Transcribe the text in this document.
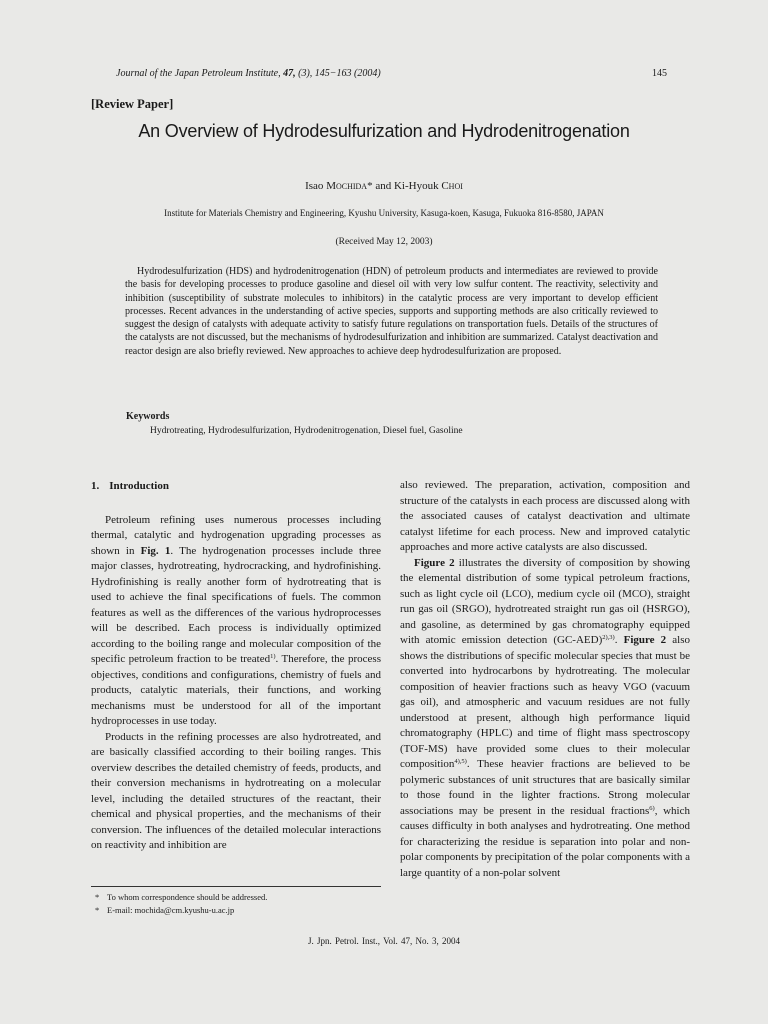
Journal of the Japan Petroleum Institute, 47, (3), 145−163 (2004)	145
[Review Paper]
An Overview of Hydrodesulfurization and Hydrodenitrogenation
Isao Mochida* and Ki-Hyouk Choi
Institute for Materials Chemistry and Engineering, Kyushu University, Kasuga-koen, Kasuga, Fukuoka 816-8580, JAPAN
(Received May 12, 2003)

Hydrodesulfurization (HDS) and hydrodenitrogenation (HDN) of petroleum products and intermediates are reviewed to provide the basis for developing processes to produce gasoline and diesel oil with very low sulfur content. The reactivity, selectivity and inhibition (susceptibility of substrate molecules to inhibitors) in the catalytic process are very important to develop efficient processes. Recent advances in the understanding of active species, supports and supporting methods are also critically reviewed to suggest the design of catalysts with adequate activity to satisfy future regulations on transportation fuels. Details of the structures of the catalysts are not discussed, but the mechanisms of hydrodesulfurization and inhibition are summarized. Catalyst deactivation and reactor design are also briefly reviewed. New approaches to achieve deep hydrodesulfurization are proposed.

Keywords
Hydrotreating, Hydrodesulfurization, Hydrodenitrogenation, Diesel fuel, Gasoline
1. Introduction

Petroleum refining uses numerous processes including thermal, catalytic and hydrogenation upgrading processes as shown in Fig. 1. The hydrogenation processes include three major classes, hydrotreating, hydrocracking, and hydrofinishing. Hydrofinishing is really another form of hydrotreating that is used to achieve the final specifications of fuels. The common features as well as the differences of the various hydroprocesses will be described. Each process is individually optimized according to the boiling range and molecular composition of the specific petroleum fraction to be treated$^{1)}$. Therefore, the process objectives, conditions and configurations, chemistry of fuels and products, catalytic materials, their functions, and working mechanisms must be understood for all of the important hydroprocesses in use today.

Products in the refining processes are also hydrotreated, and are basically classified according to their boiling ranges. This overview describes the detailed chemistry of feeds, products, and their conversion mechanisms in hydrotreating on a molecular level, including the detailed structures of the reactant, their chemical and physical properties, and the mechanisms of their conversion. The influences of the detailed molecular interactions on reactivity and inhibition are

also reviewed. The preparation, activation, composition and structure of the catalysts in each process are discussed along with the associated causes of catalyst deactivation and ultimate catalyst lifetime for each process. New and improved catalytic approaches and more active catalysts are also discussed.

Figure 2 illustrates the diversity of composition by showing the elemental distribution of some typical petroleum fractions, such as light cycle oil (LCO), medium cycle oil (MCO), straight run gas oil (SRGO), hydrotreated straight run gas oil (HSRGO), and gasoline, as determined by gas chromatography equipped with atomic emission detection $(GC-AED)^{2),3)}$. Figure 2 also shows the distributions of specific molecular species that must be converted into hydrocarbons by hydrotreating. The molecular composition of heavier fractions such as heavy VGO (vacuum gas oil), and atmospheric and vacuum residues are not fully understood at present, although high performance liquid chromatography (HPLC) and time of flight mass spectroscopy (TOF-MS) have provided some clues to their molecular composition$^{4),5)}$. These heavier fractions are believed to be polymeric substances of unit structures that are basically similar to those found in the lighter fractions. Strong molecular associations may be present in the residual fractions$^{6)}$, which causes difficulty in both analyses and hydrotreating. One method for characterizing the residue is separation into polar and non-polar components by precipitation of the polar components with a large quantity of a non-polar solvent

* To whom correspondence should be addressed.
* E-mail: mochida@cm.kyushu-u.ac.jp
J. Jpn. Petrol. Inst., Vol. 47, No. 3, 2004
